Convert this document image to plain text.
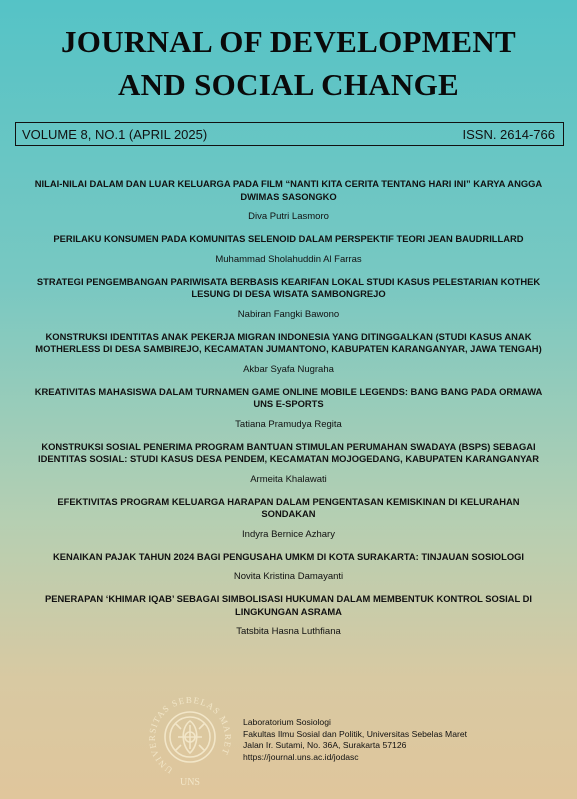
JOURNAL OF DEVELOPMENT
AND SOCIAL CHANGE
VOLUME 8, NO.1 (APRIL 2025)	ISSN. 2614-766
NILAI-NILAI DALAM DAN LUAR KELUARGA PADA FILM “NANTI KITA CERITA TENTANG HARI INI” KARYA ANGGA DWIMAS SASONGKO
Diva Putri Lasmoro
PERILAKU KONSUMEN PADA KOMUNITAS SELENOID DALAM PERSPEKTIF TEORI JEAN BAUDRILLARD
Muhammad Sholahuddin Al Farras
STRATEGI PENGEMBANGAN PARIWISATA BERBASIS KEARIFAN LOKAL STUDI KASUS PELESTARIAN KOTHEK LESUNG DI DESA WISATA SAMBONGREJO
Nabiran Fangki Bawono
KONSTRUKSI IDENTITAS ANAK PEKERJA MIGRAN INDONESIA YANG DITINGGALKAN (STUDI KASUS ANAK MOTHERLESS DI DESA SAMBIREJO, KECAMATAN JUMANTONO, KABUPATEN KARANGANYAR, JAWA TENGAH)
Akbar Syafa Nugraha
KREATIVITAS MAHASISWA DALAM TURNAMEN GAME ONLINE MOBILE LEGENDS: BANG BANG PADA ORMAWA UNS E-SPORTS
Tatiana Pramudya Regita
KONSTRUKSI SOSIAL PENERIMA PROGRAM BANTUAN STIMULAN PERUMAHAN SWADAYA (BSPS) SEBAGAI IDENTITAS SOSIAL: STUDI KASUS DESA PENDEM, KECAMATAN MOJOGEDANG, KABUPATEN KARANGANYAR
Armeita Khalawati
EFEKTIVITAS PROGRAM KELUARGA HARAPAN DALAM PENGENTASAN KEMISKINAN DI KELURAHAN SONDAKAN
Indyra Bernice Azhary
KENAIKAN PAJAK TAHUN 2024 BAGI PENGUSAHA UMKM DI KOTA SURAKARTA: TINJAUAN SOSIOLOGI
Novita Kristina Damayanti
PENERAPAN ‘KHIMAR IQAB’ SEBAGAI SIMBOLISASI HUKUMAN DALAM MEMBENTUK KONTROL SOSIAL DI LINGKUNGAN ASRAMA
Tatsbita Hasna Luthfiana
UNIVERSITAS SEBELAS MARET
UNS
Laboratorium Sosiologi
Fakultas Ilmu Sosial dan Politik, Universitas Sebelas Maret
Jalan Ir. Sutami, No. 36A, Surakarta 57126
https://journal.uns.ac.id/jodasc
